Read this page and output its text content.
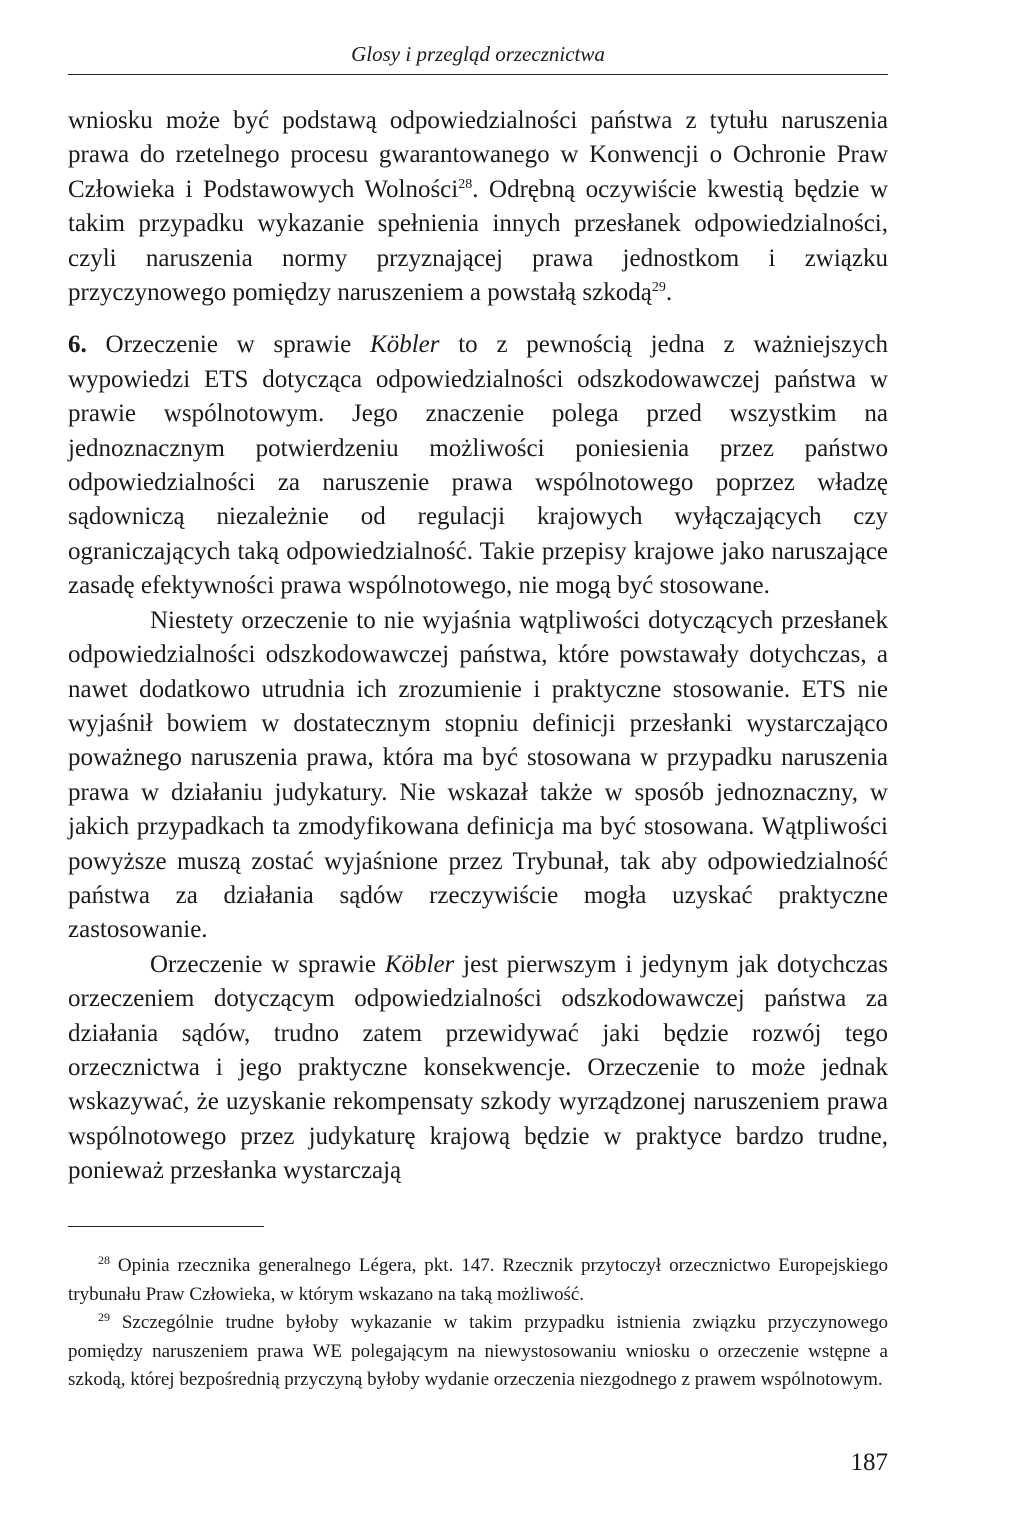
Glosy i przegląd orzecznictwa

wniosku może być podstawą odpowiedzialności państwa z tytułu naruszenia prawa do rzetelnego procesu gwarantowanego w Konwencji o Ochronie Praw Człowieka i Podstawowych Wolności$^{28}$. Odrębną oczywiście kwestią będzie w takim przypadku wykazanie spełnienia innych przesłanek odpowiedzialności, czyli naruszenia normy przyznającej prawa jednostkom i związku przyczynowego pomiędzy naruszeniem a powstałą szkodą$^{29}$.

6. Orzeczenie w sprawie Köbler to z pewnością jedna z ważniejszych wypowiedzi ETS dotycząca odpowiedzialności odszkodowawczej państwa w prawie wspólnotowym. Jego znaczenie polega przed wszystkim na jednoznacznym potwierdzeniu możliwości poniesienia przez państwo odpowiedzialności za naruszenie prawa wspólnotowego poprzez władzę sądowniczą niezależnie od regulacji krajowych wyłączających czy ograniczających taką odpowiedzialność. Takie przepisy krajowe jako naruszające zasadę efektywności prawa wspólnotowego, nie mogą być stosowane.

Niestety orzeczenie to nie wyjaśnia wątpliwości dotyczących przesłanek odpowiedzialności odszkodowawczej państwa, które powstawały dotychczas, a nawet dodatkowo utrudnia ich zrozumienie i praktyczne stosowanie. ETS nie wyjaśnił bowiem w dostatecznym stopniu definicji przesłanki wystarczająco poważnego naruszenia prawa, która ma być stosowana w przypadku naruszenia prawa w działaniu judykatury. Nie wskazał także w sposób jednoznaczny, w jakich przypadkach ta zmodyfikowana definicja ma być stosowana. Wątpliwości powyższe muszą zostać wyjaśnione przez Trybunał, tak aby odpowiedzialność państwa za działania sądów rzeczywiście mogła uzyskać praktyczne zastosowanie.

Orzeczenie w sprawie Köbler jest pierwszym i jedynym jak dotychczas orzeczeniem dotyczącym odpowiedzialności odszkodowawczej państwa za działania sądów, trudno zatem przewidywać jaki będzie rozwój tego orzecznictwa i jego praktyczne konsekwencje. Orzeczenie to może jednak wskazywać, że uzyskanie rekompensaty szkody wyrządzonej naruszeniem prawa wspólnotowego przez judykaturę krajową będzie w praktyce bardzo trudne, ponieważ przesłanka wystarczają

$^{28}$ Opinia rzecznika generalnego Légera, pkt. 147. Rzecznik przytoczył orzecznictwo Europejskiego trybunału Praw Człowieka, w którym wskazano na taką możliwość.

$^{29}$ Szczególnie trudne byłoby wykazanie w takim przypadku istnienia związku przyczynowego pomiędzy naruszeniem prawa WE polegającym na niewystosowaniu wniosku o orzeczenie wstępne a szkodą, której bezpośrednią przyczyną byłoby wydanie orzeczenia niezgodnego z prawem wspólnotowym.

187
